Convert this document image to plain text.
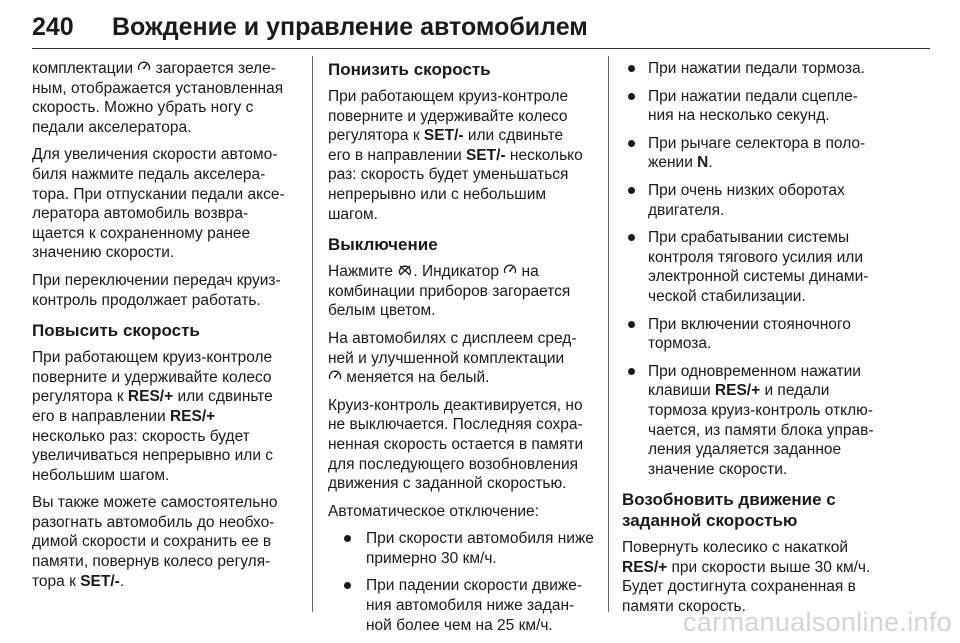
240	Вождение и управление автомобилем

комплектации загорается зеле-
ным, отображается установленная
скорость. Можно убрать ногу с
педали акселератора.

Для увеличения скорости автомо-
биля нажмите педаль акселера-
тора. При отпускании педали аксе-
лератора автомобиль возвра-
щается к сохраненному ранее
значению скорости.

При переключении передач круиз-
контроль продолжает работать.

Повысить скорость

При работающем круиз-контроле
поверните и удерживайте колесо
регулятора к RES/+ или сдвиньте
его в направлении RES/+
несколько раз: скорость будет
увеличиваться непрерывно или с
небольшим шагом.

Вы также можете самостоятельно
разогнать автомобиль до необхо-
димой скорости и сохранить ее в
памяти, повернув колесо регуля-
тора к SET/-.

Понизить скорость

При работающем круиз-контроле
поверните и удерживайте колесо
регулятора к SET/- или сдвиньте
его в направлении SET/- несколько
раз: скорость будет уменьшаться
непрерывно или с небольшим
шагом.

Выключение

Нажмите . Индикатор  на
комбинации приборов загорается
белым цветом.

На автомобилях с дисплеем сред-
ней и улучшенной комплектации
меняется на белый.

Круиз-контроль деактивируется, но
не выключается. Последняя сохра-
ненная скорость остается в памяти
для последующего возобновления
движения с заданной скоростью.

Автоматическое отключение:

При скорости автомобиля ниже
примерно 30 км/ч.
При падении скорости движе-
ния автомобиля ниже задан-
ной более чем на 25 км/ч.
При нажатии педали тормоза.
При нажатии педали сцепле-
ния на несколько секунд.
При рычаге селектора в поло-
жении N.
При очень низких оборотах
двигателя.
При срабатывании системы
контроля тягового усилия или
электронной системы динами-
ческой стабилизации.
При включении стояночного
тормоза.
При одновременном нажатии
клавиши RES/+ и педали
тормоза круиз-контроль отклю-
чается, из памяти блока управ-
ления удаляется заданное
значение скорости.
Возобновить движение с
заданной скоростью

Повернуть колесико с накаткой
RES/+ при скорости выше 30 км/ч.
Будет достигнута сохраненная в
памяти скорость.

carmanualsonline.info
